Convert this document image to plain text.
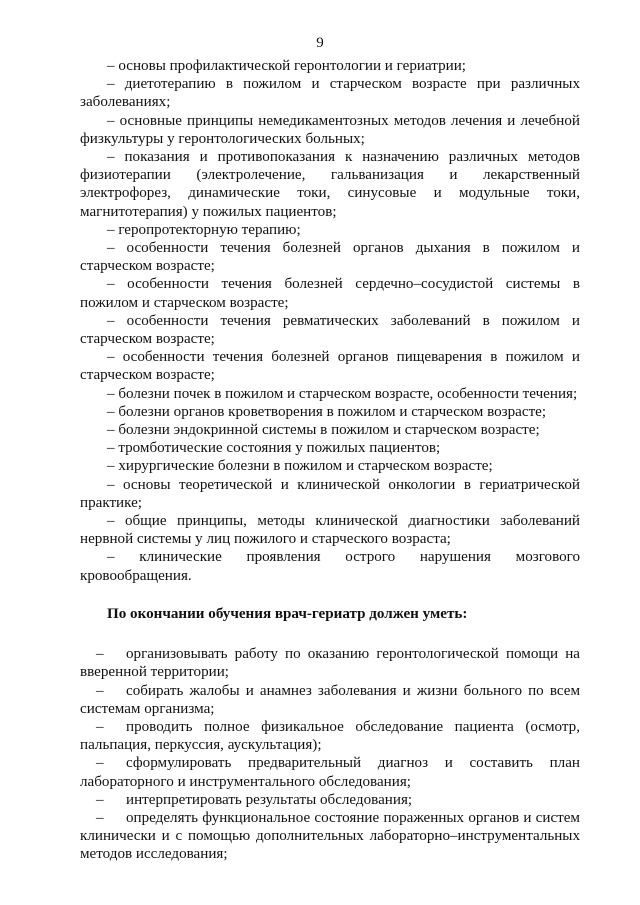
9

– основы профилактической геронтологии и гериатрии;

– диетотерапию в пожилом и старческом возрасте при различных заболеваниях;

– основные принципы немедикаментозных методов лечения и лечебной физкультуры у геронтологических больных;

– показания и противопоказания к назначению различных методов физиотерапии (электролечение, гальванизация и лекарственный электрофорез, динамические токи, синусовые и модульные токи, магнитотерапия) у пожилых пациентов;

– геропротекторную терапию;

– особенности течения болезней органов дыхания в пожилом и старческом возрасте;

– особенности течения болезней сердечно–сосудистой системы в пожилом и старческом возрасте;

– особенности течения ревматических заболеваний в пожилом и старческом возрасте;

– особенности течения болезней органов пищеварения в пожилом и старческом возрасте;

– болезни почек в пожилом и старческом возрасте, особенности течения;

– болезни органов кроветворения в пожилом и старческом возрасте;

– болезни эндокринной системы в пожилом и старческом возрасте;

– тромботические состояния у пожилых пациентов;

– хирургические болезни в пожилом и старческом возрасте;

– основы теоретической и клинической онкологии в гериатрической практике;

– общие принципы, методы клинической диагностики заболеваний нервной системы у лиц пожилого и старческого возраста;

– клинические проявления острого нарушения мозгового кровообращения.

По окончании обучения врач-гериатр должен уметь:

– организовывать работу по оказанию геронтологической помощи на вверенной территории;

– собирать жалобы и анамнез заболевания и жизни больного по всем системам организма;

– проводить полное физикальное обследование пациента (осмотр, пальпация, перкуссия, аускультация);

– сформулировать предварительный диагноз и составить план лабораторного и инструментального обследования;

– интерпретировать результаты обследования;

– определять функциональное состояние пораженных органов и систем клинически и с помощью дополнительных лабораторно–инструментальных методов исследования;
